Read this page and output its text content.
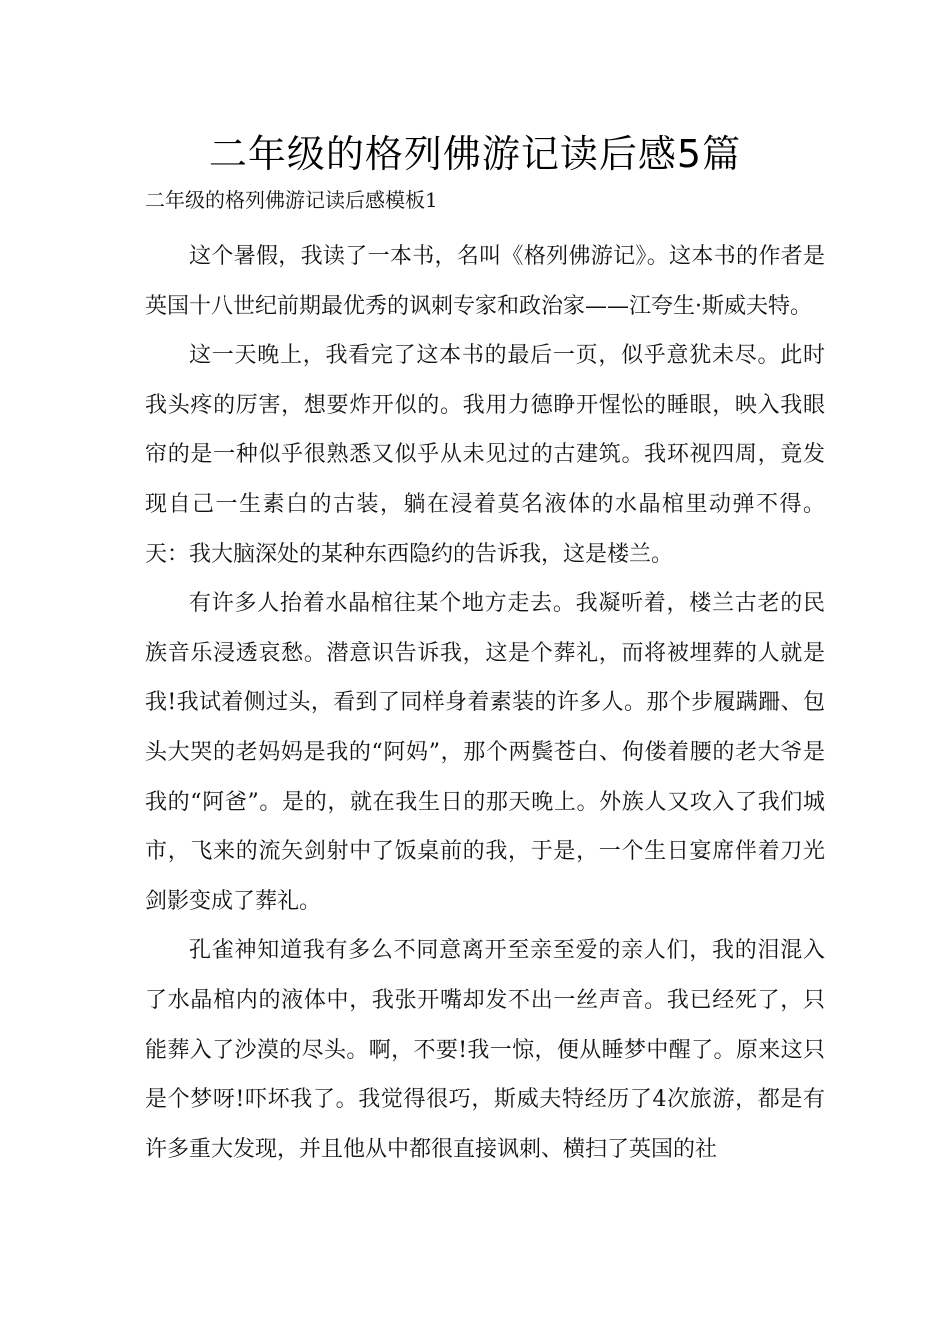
二年级的格列佛游记读后感5篇
二年级的格列佛游记读后感模板1

这个暑假，我读了一本书，名叫《格列佛游记》。这本书的作者是英国十八世纪前期最优秀的讽刺专家和政治家——江夸生·斯威夫特。

这一天晚上，我看完了这本书的最后一页，似乎意犹未尽。此时我头疼的厉害，想要炸开似的。我用力德睁开惺忪的睡眼，映入我眼帘的是一种似乎很熟悉又似乎从未见过的古建筑。我环视四周，竟发现自己一生素白的古装，躺在浸着莫名液体的水晶棺里动弹不得。天：我大脑深处的某种东西隐约的告诉我，这是楼兰。

有许多人抬着水晶棺往某个地方走去。我凝听着，楼兰古老的民族音乐浸透哀愁。潜意识告诉我，这是个葬礼，而将被埋葬的人就是我!我试着侧过头，看到了同样身着素装的许多人。那个步履蹒跚、包头大哭的老妈妈是我的“阿妈”，那个两鬓苍白、佝偻着腰的老大爷是我的“阿爸”。是的，就在我生日的那天晚上。外族人又攻入了我们城市，飞来的流矢剑射中了饭桌前的我，于是，一个生日宴席伴着刀光剑影变成了葬礼。

孔雀神知道我有多么不同意离开至亲至爱的亲人们，我的泪混入了水晶棺内的液体中，我张开嘴却发不出一丝声音。我已经死了，只能葬入了沙漠的尽头。啊，不要!我一惊，便从睡梦中醒了。原来这只是个梦呀!吓坏我了。我觉得很巧，斯威夫特经历了4次旅游，都是有许多重大发现，并且他从中都很直接讽刺、横扫了英国的社
